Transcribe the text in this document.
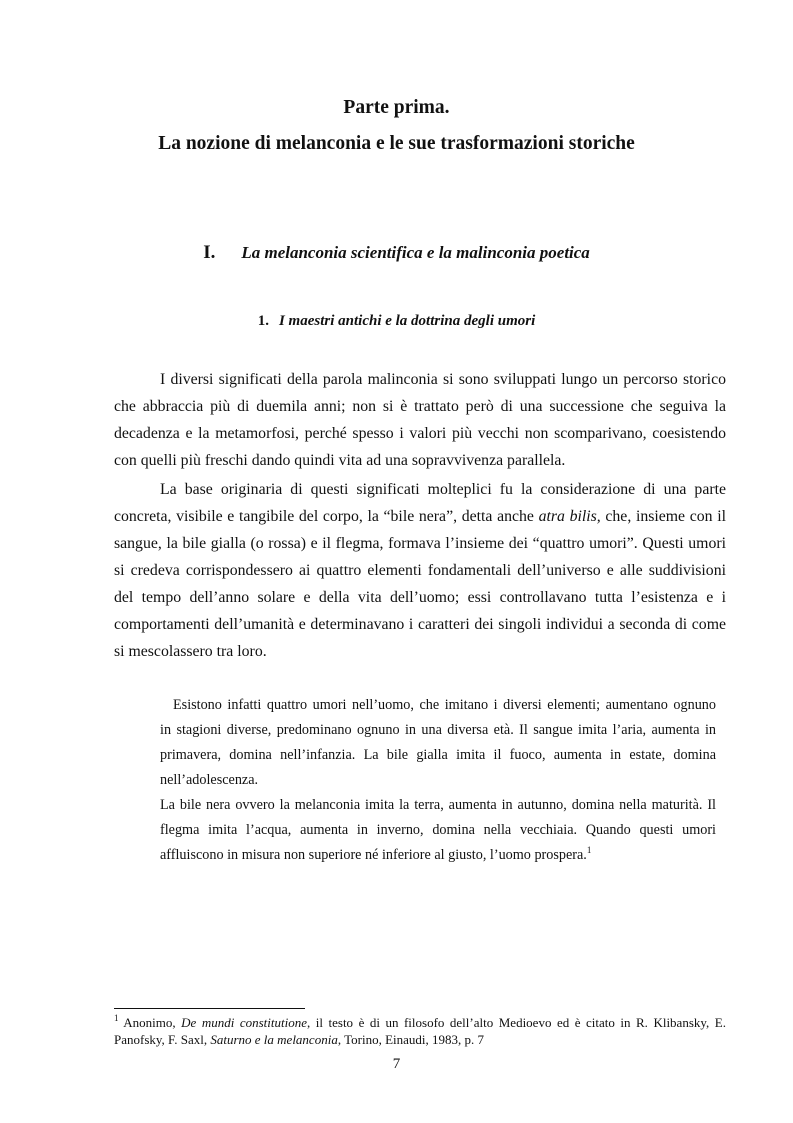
Parte prima.
La nozione di melanconia e le sue trasformazioni storiche
I. La melanconia scientifica e la malinconia poetica
1. I maestri antichi e la dottrina degli umori
I diversi significati della parola malinconia si sono sviluppati lungo un percorso storico
che abbraccia più di duemila anni; non si è trattato però di una successione che seguiva la
decadenza e la metamorfosi, perché spesso i valori più vecchi non scomparivano, coesistendo
con quelli più freschi dando quindi vita ad una sopravvivenza parallela.
La base originaria di questi significati molteplici fu la considerazione di una parte
concreta, visibile e tangibile del corpo, la “bile nera”, detta anche atra bilis, che, insieme con il
sangue, la bile gialla (o rossa) e il flegma, formava l’insieme dei “quattro umori”. Questi umori
si credeva corrispondessero ai quattro elementi fondamentali dell’universo e alle suddivisioni
del tempo dell’anno solare e della vita dell’uomo; essi controllavano tutta l’esistenza e i
comportamenti dell’umanità e determinavano i caratteri dei singoli individui a seconda di come
si mescolassero tra loro.
Esistono infatti quattro umori nell’uomo, che imitano i diversi elementi; aumentano ognuno
in stagioni diverse, predominano ognuno in una diversa età. Il sangue imita l’aria, aumenta in
primavera, domina nell’infanzia. La bile gialla imita il fuoco, aumenta in estate, domina
nell’adolescenza.
La bile nera ovvero la melanconia imita la terra, aumenta in autunno, domina nella maturità. Il
flegma imita l’acqua, aumenta in inverno, domina nella vecchiaia. Quando questi umori
affluiscono in misura non superiore né inferiore al giusto, l’uomo prospera.$^1$
$^1$ Anonimo, De mundi constitutione, il testo è di un filosofo dell’alto Medioevo ed è citato in R. Klibansky, E.
Panofsky, F. Saxl, Saturno e la melanconia, Torino, Einaudi, 1983, p. 7
7
